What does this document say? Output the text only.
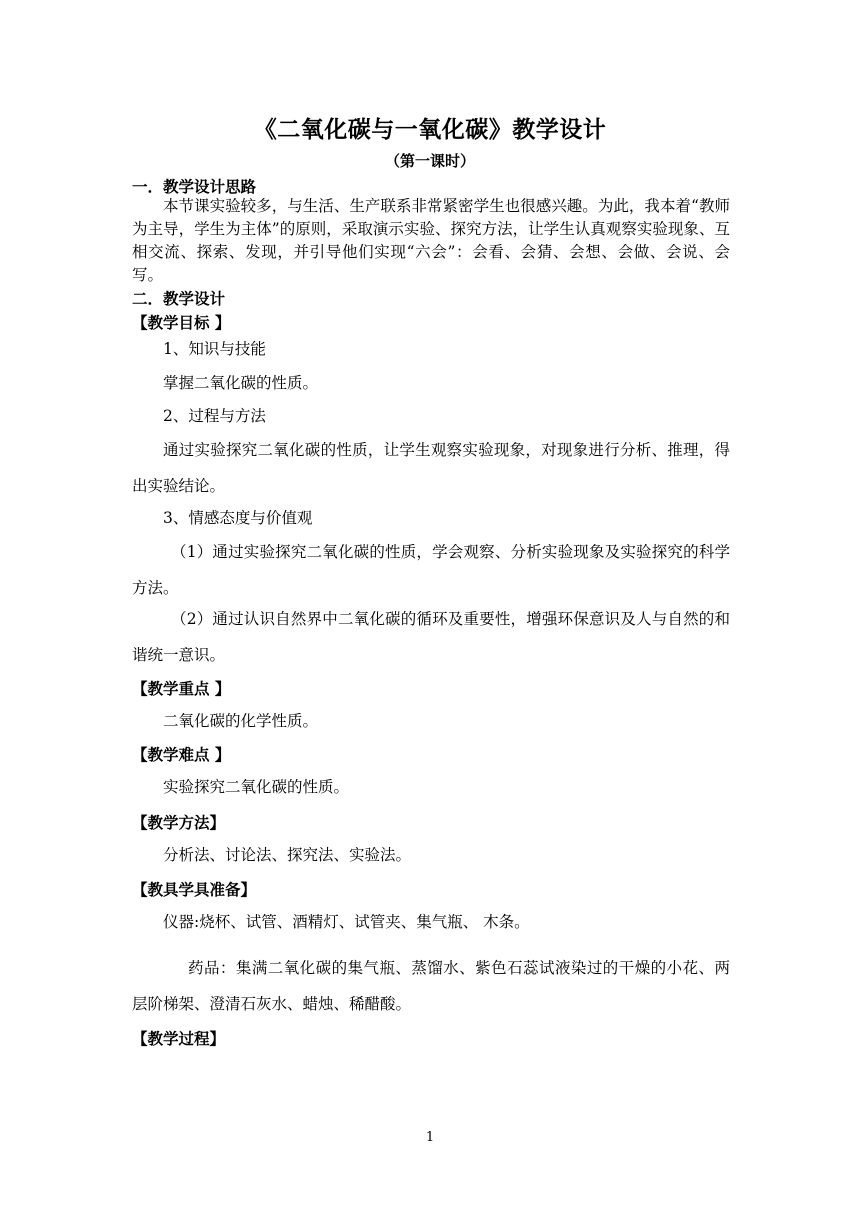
《二氧化碳与一氧化碳》教学设计
（第一课时）
一．教学设计思路
本节课实验较多，与生活、生产联系非常紧密学生也很感兴趣。为此，我本着“教师为主导，学生为主体”的原则，采取演示实验、探究方法，让学生认真观察实验现象、互相交流、探索、发现，并引导他们实现“六会”：会看、会猜、会想、会做、会说、会写。
二．教学设计
【教学目标 】
1、知识与技能
掌握二氧化碳的性质。
2、过程与方法
通过实验探究二氧化碳的性质，让学生观察实验现象，对现象进行分析、推理，得出实验结论。
3、情感态度与价值观
（1）通过实验探究二氧化碳的性质，学会观察、分析实验现象及实验探究的科学方法。
（2）通过认识自然界中二氧化碳的循环及重要性，增强环保意识及人与自然的和谐统一意识。
【教学重点 】
二氧化碳的化学性质。
【教学难点 】
实验探究二氧化碳的性质。
【教学方法】
分析法、讨论法、探究法、实验法。
【教具学具准备】
仪器:烧杯、试管、酒精灯、试管夹、集气瓶、 木条。
药品：集满二氧化碳的集气瓶、蒸馏水、紫色石蕊试液染过的干燥的小花、两层阶梯架、澄清石灰水、蜡烛、稀醋酸。
【教学过程】
1
